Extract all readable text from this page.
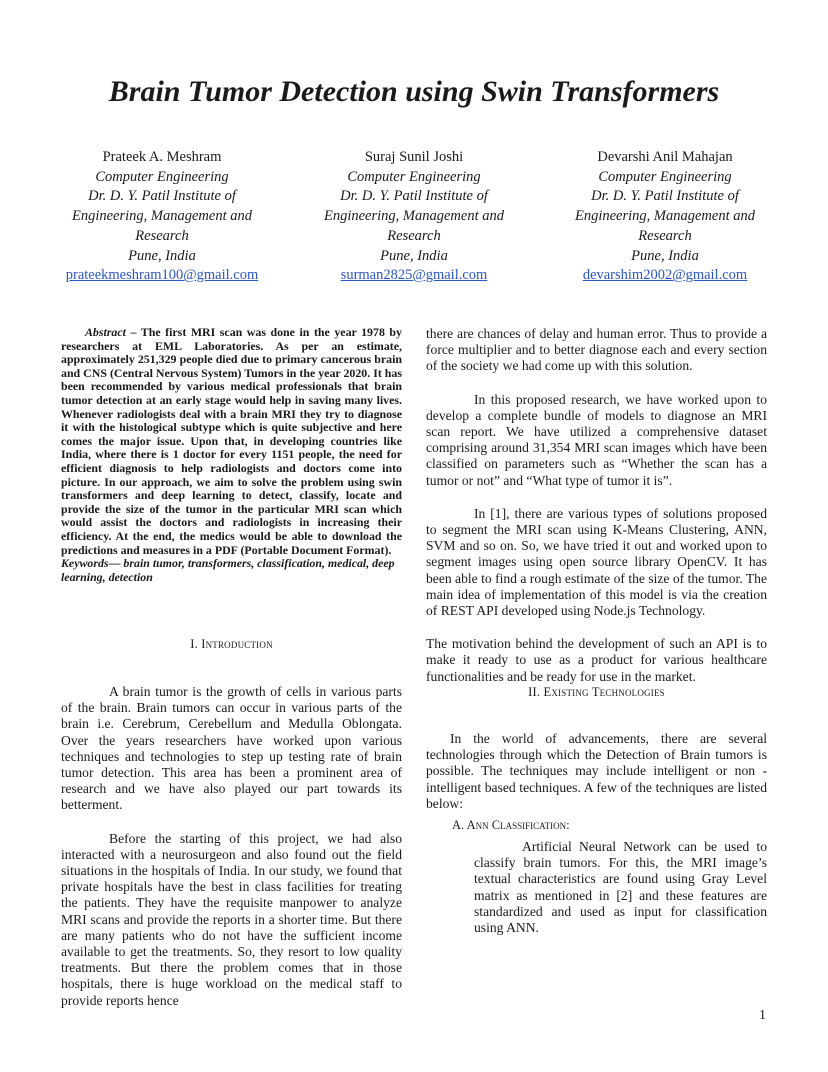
Brain Tumor Detection using Swin Transformers
Prateek A. Meshram
Computer Engineering
Dr. D. Y. Patil Institute of
Engineering, Management and
Research
Pune, India
prateekmeshram100@gmail.com
Suraj Sunil Joshi
Computer Engineering
Dr. D. Y. Patil Institute of
Engineering, Management and
Research
Pune, India
surman2825@gmail.com
Devarshi Anil Mahajan
Computer Engineering
Dr. D. Y. Patil Institute of
Engineering, Management and
Research
Pune, India
devarshim2002@gmail.com

Abstract – The first MRI scan was done in the year 1978 by researchers at EML Laboratories. As per an estimate, approximately 251,329 people died due to primary cancerous brain and CNS (Central Nervous System) Tumors in the year 2020. It has been recommended by various medical professionals that brain tumor detection at an early stage would help in saving many lives. Whenever radiologists deal with a brain MRI they try to diagnose it with the histological subtype which is quite subjective and here comes the major issue. Upon that, in developing countries like India, where there is 1 doctor for every 1151 people, the need for efficient diagnosis to help radiologists and doctors come into picture. In our approach, we aim to solve the problem using swin transformers and deep learning to detect, classify, locate and provide the size of the tumor in the particular MRI scan which would assist the doctors and radiologists in increasing their efficiency. At the end, the medics would be able to download the predictions and measures in a PDF (Portable Document Format).

Keywords— brain tumor, transformers, classification, medical, deep learning, detection

I. Introduction

A brain tumor is the growth of cells in various parts of the brain. Brain tumors can occur in various parts of the brain i.e. Cerebrum, Cerebellum and Medulla Oblongata. Over the years researchers have worked upon various techniques and technologies to step up testing rate of brain tumor detection. This area has been a prominent area of research and we have also played our part towards its betterment.

Before the starting of this project, we had also interacted with a neurosurgeon and also found out the field situations in the hospitals of India. In our study, we found that private hospitals have the best in class facilities for treating the patients. They have the requisite manpower to analyze MRI scans and provide the reports in a shorter time. But there are many patients who do not have the sufficient income available to get the treatments. So, they resort to low quality treatments. But there the problem comes that in those hospitals, there is huge workload on the medical staff to provide reports hence

there are chances of delay and human error. Thus to provide a force multiplier and to better diagnose each and every section of the society we had come up with this solution.

In this proposed research, we have worked upon to develop a complete bundle of models to diagnose an MRI scan report. We have utilized a comprehensive dataset comprising around 31,354 MRI scan images which have been classified on parameters such as “Whether the scan has a tumor or not” and “What type of tumor it is”.

In [1], there are various types of solutions proposed to segment the MRI scan using K-Means Clustering, ANN, SVM and so on. So, we have tried it out and worked upon to segment images using open source library OpenCV. It has been able to find a rough estimate of the size of the tumor. The main idea of implementation of this model is via the creation of REST API developed using Node.js Technology.

The motivation behind the development of such an API is to make it ready to use as a product for various healthcare functionalities and be ready for use in the market.

II. Existing Technologies

In the world of advancements, there are several technologies through which the Detection of Brain tumors is possible. The techniques may include intelligent or non - intelligent based techniques. A few of the techniques are listed below:

A. Ann Classification:

Artificial Neural Network can be used to classify brain tumors. For this, the MRI image’s textual characteristics are found using Gray Level matrix as mentioned in [2] and these features are standardized and used as input for classification using ANN.

1
